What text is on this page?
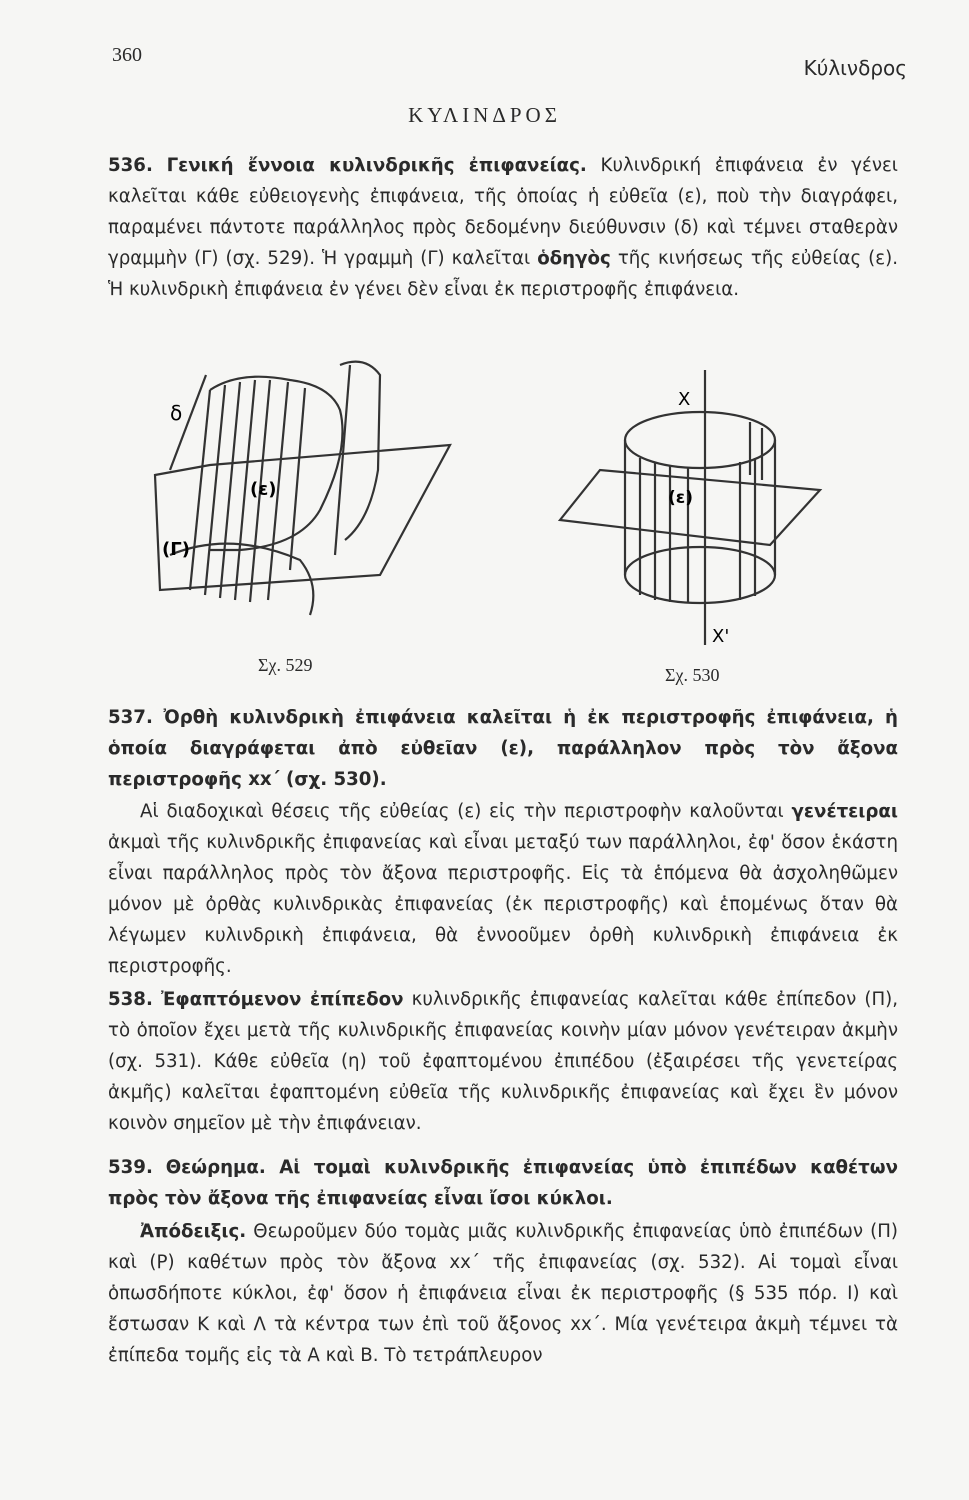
360
Κύλινδρος
ΚΥΛΙΝΔΡΟΣ
536. Γενική ἔννοια κυλινδρικῆς ἐπιφανείας. Κυλινδρική ἐπιφάνεια ἐν γένει καλεῖται κάθε εὐθειογενὴς ἐπιφάνεια, τῆς ὁποίας ἡ εὐθεῖα (ε), ποὺ τὴν διαγράφει, παραμένει πάντοτε παράλληλος πρὸς δεδομένην διεύθυνσιν (δ) καὶ τέμνει σταθερὰν γραμμὴν (Γ) (σχ. 529). Ἡ γραμμὴ (Γ) καλεῖται ὁδηγὸς τῆς κινήσεως τῆς εὐθείας (ε). Ἡ κυλινδρικὴ ἐπιφάνεια ἐν γένει δὲν εἶναι ἐκ περιστροφῆς ἐπιφάνεια.
δ
(ε)
(Γ)
X
(ε)
X'
Σχ. 529	Σχ. 530
537. Ὀρθὴ κυλινδρικὴ ἐπιφάνεια καλεῖται ἡ ἐκ περιστροφῆς ἐπιφάνεια, ἡ ὁποία διαγράφεται ἀπὸ εὐθεῖαν (ε), παράλληλον πρὸς τὸν ἄξονα περιστροφῆς xx΄ (σχ. 530).
Αἱ διαδοχικαὶ θέσεις τῆς εὐθείας (ε) εἰς τὴν περιστροφὴν καλοῦνται γενέτειραι ἀκμαὶ τῆς κυλινδρικῆς ἐπιφανείας καὶ εἶναι μεταξύ των παράλληλοι, ἐφ' ὅσον ἑκάστη εἶναι παράλληλος πρὸς τὸν ἄξονα περιστροφῆς. Εἰς τὰ ἑπόμενα θὰ ἀσχοληθῶμεν μόνον μὲ ὀρθὰς κυλινδρικὰς ἐπιφανείας (ἐκ περιστροφῆς) καὶ ἑπομένως ὅταν θὰ λέγωμεν κυλινδρικὴ ἐπιφάνεια, θὰ ἐννοοῦμεν ὀρθὴ κυλινδρικὴ ἐπιφάνεια ἐκ περιστροφῆς.
538. Ἐφαπτόμενον ἐπίπεδον κυλινδρικῆς ἐπιφανείας καλεῖται κάθε ἐπίπεδον (Π), τὸ ὁποῖον ἔχει μετὰ τῆς κυλινδρικῆς ἐπιφανείας κοινὴν μίαν μόνον γενέτειραν ἀκμὴν (σχ. 531). Κάθε εὐθεῖα (η) τοῦ ἐφαπτομένου ἐπιπέδου (ἐξαιρέσει τῆς γενετείρας ἀκμῆς) καλεῖται ἐφαπτομένη εὐθεῖα τῆς κυλινδρικῆς ἐπιφανείας καὶ ἔχει ἓν μόνον κοινὸν σημεῖον μὲ τὴν ἐπιφάνειαν.
539. Θεώρημα. Αἱ τομαὶ κυλινδρικῆς ἐπιφανείας ὑπὸ ἐπιπέδων καθέτων πρὸς τὸν ἄξονα τῆς ἐπιφανείας εἶναι ἴσοι κύκλοι.
Ἀπόδειξις. Θεωροῦμεν δύο τομὰς μιᾶς κυλινδρικῆς ἐπιφανείας ὑπὸ ἐπιπέδων (Π) καὶ (Ρ) καθέτων πρὸς τὸν ἄξονα xx΄ τῆς ἐπιφανείας (σχ. 532). Αἱ τομαὶ εἶναι ὁπωσδήποτε κύκλοι, ἐφ' ὅσον ἡ ἐπιφάνεια εἶναι ἐκ περιστροφῆς (§ 535 πόρ. I) καὶ ἔστωσαν Κ καὶ Λ τὰ κέντρα των ἐπὶ τοῦ ἄξονος xx΄. Μία γενέτειρα ἀκμὴ τέμνει τὰ ἐπίπεδα τομῆς εἰς τὰ Α καὶ Β. Τὸ τετράπλευρον
